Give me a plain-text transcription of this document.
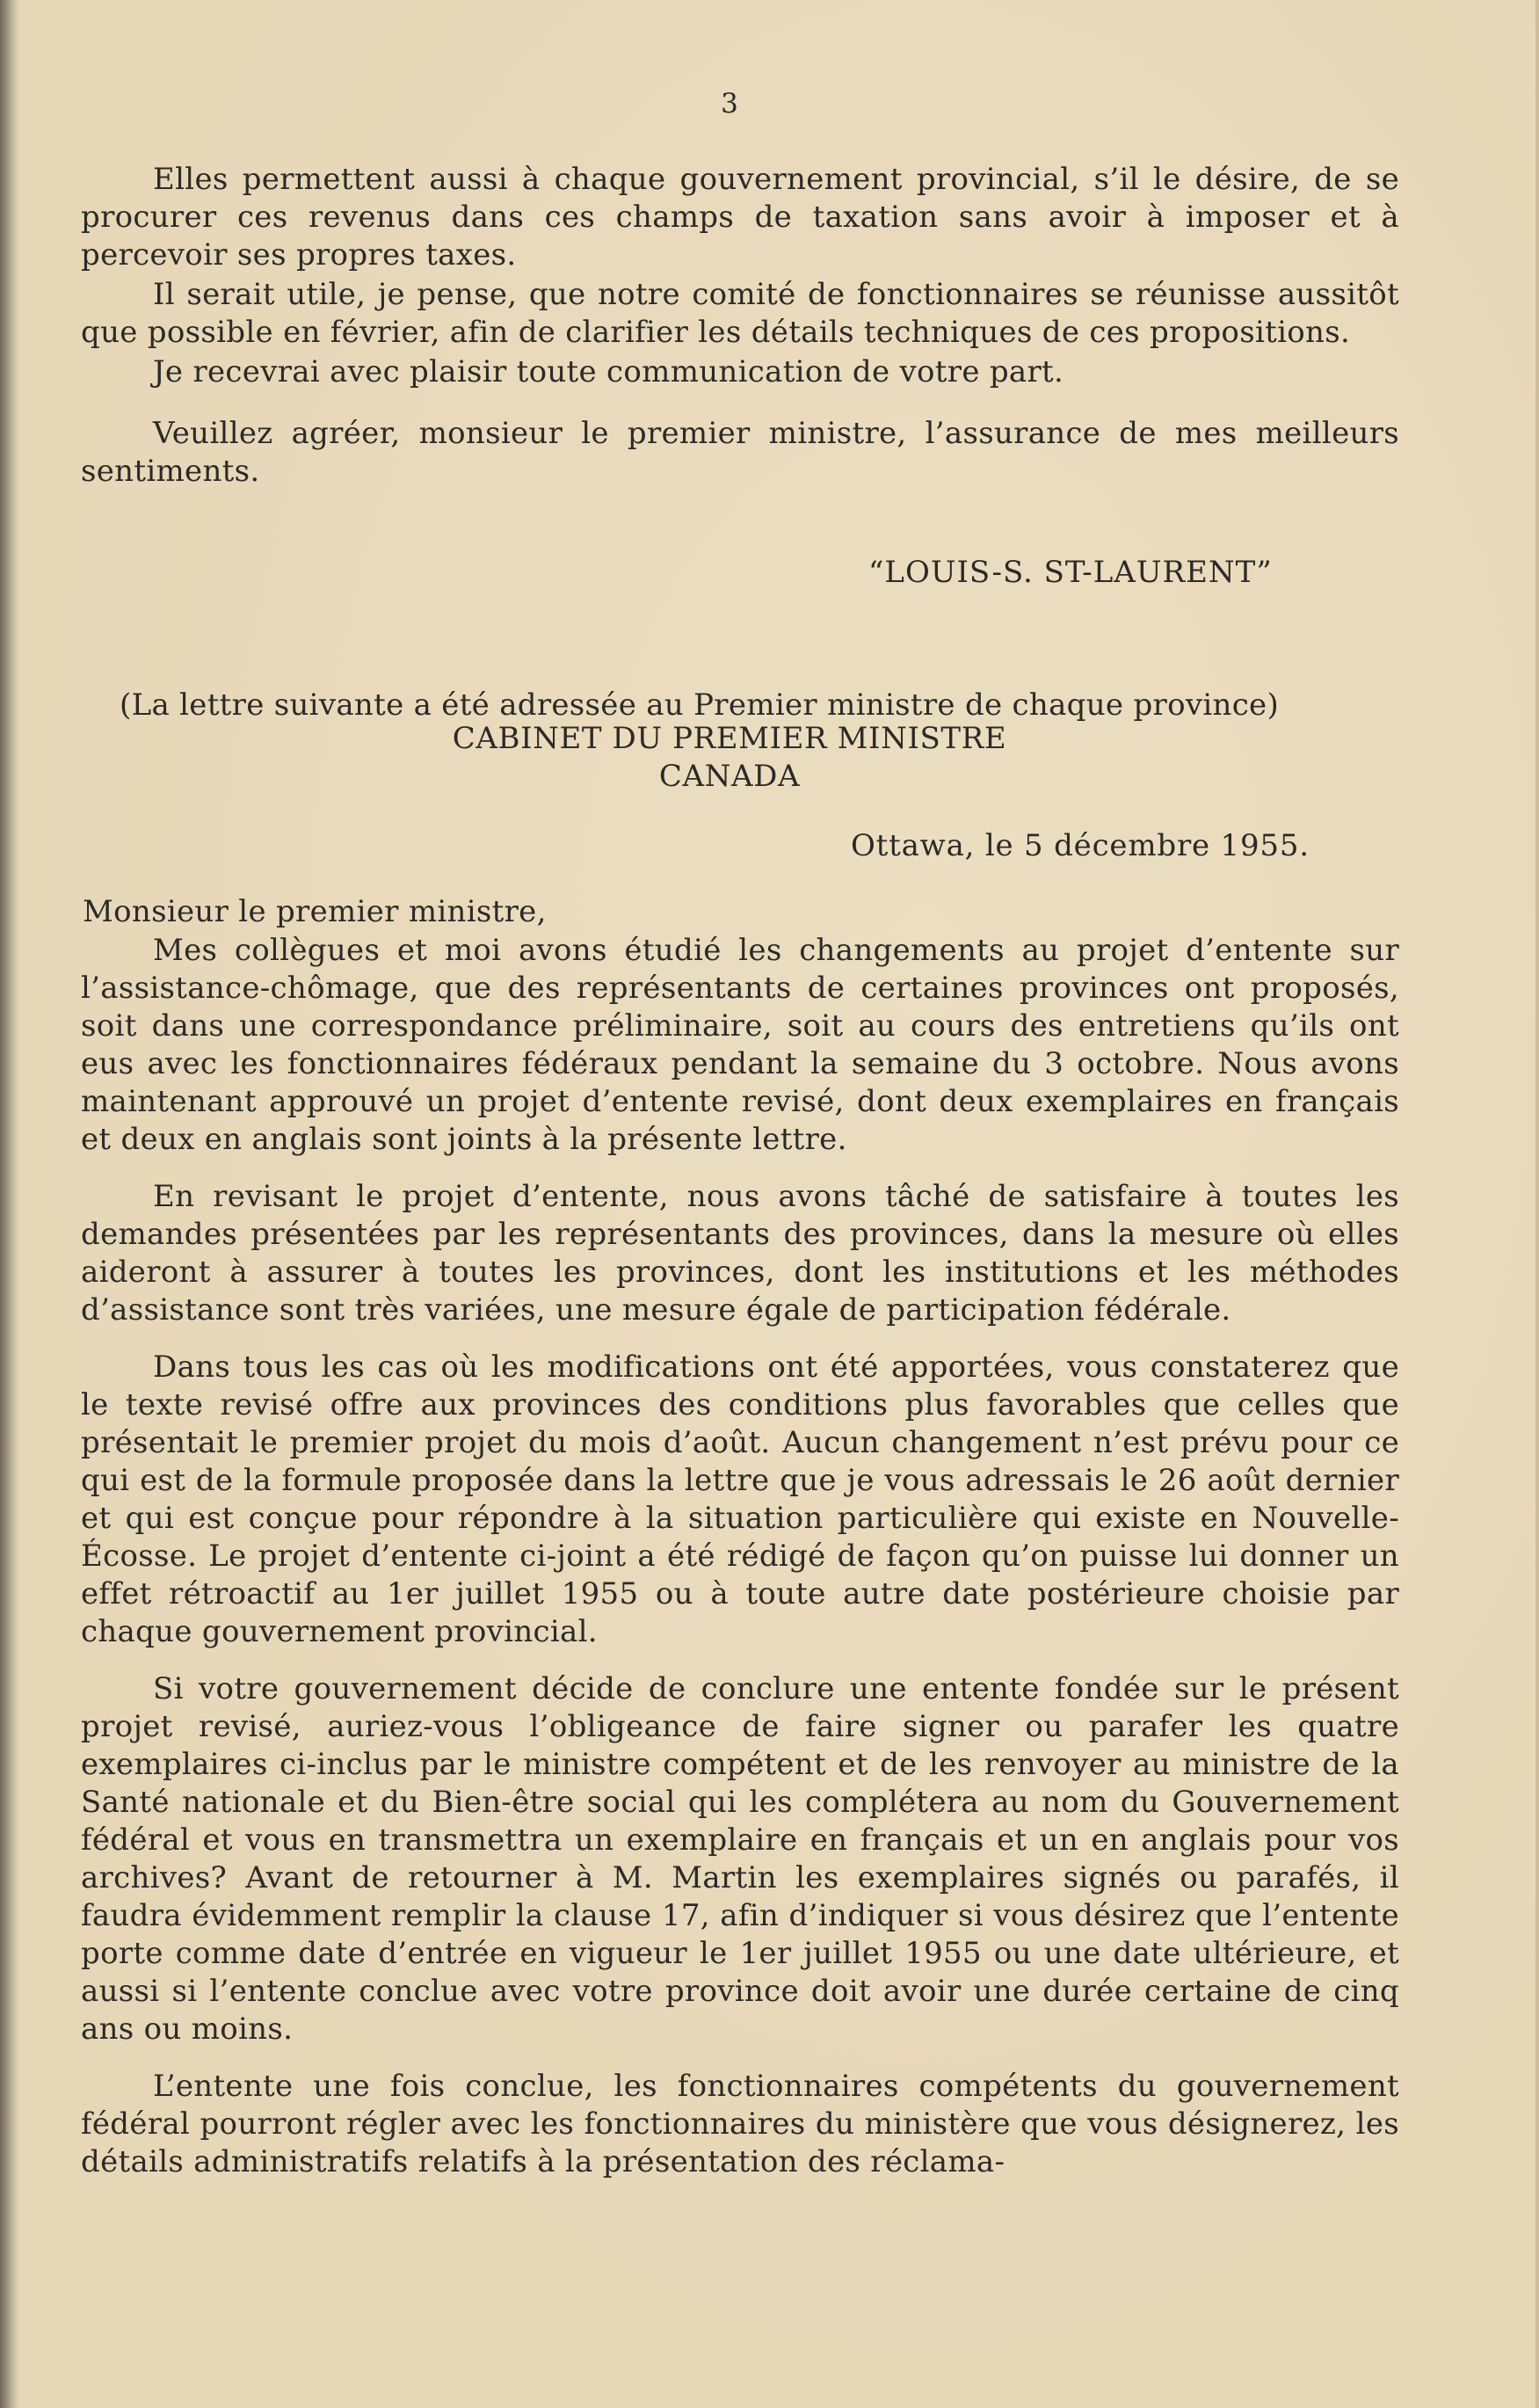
3

Elles permettent aussi à chaque gouvernement provincial, s’il le désire, de se procurer ces revenus dans ces champs de taxation sans avoir à imposer et à percevoir ses propres taxes.

Il serait utile, je pense, que notre comité de fonctionnaires se réunisse aussitôt que possible en février, afin de clarifier les détails techniques de ces propositions.

Je recevrai avec plaisir toute communication de votre part.

Veuillez agréer, monsieur le premier ministre, l’assurance de mes meilleurs sentiments.

“LOUIS-S. ST-LAURENT”
(La lettre suivante a été adressée au Premier ministre de chaque province)
CABINET DU PREMIER MINISTRE
CANADA
Ottawa, le 5 décembre 1955.
Monsieur le premier ministre,

Mes collègues et moi avons étudié les changements au projet d’entente sur l’assistance-chômage, que des représentants de certaines provinces ont proposés, soit dans une correspondance préliminaire, soit au cours des entretiens qu’ils ont eus avec les fonctionnaires fédéraux pendant la semaine du 3 octobre. Nous avons maintenant approuvé un projet d’entente revisé, dont deux exemplaires en français et deux en anglais sont joints à la présente lettre.

En revisant le projet d’entente, nous avons tâché de satisfaire à toutes les demandes présentées par les représentants des provinces, dans la mesure où elles aideront à assurer à toutes les provinces, dont les institutions et les méthodes d’assistance sont très variées, une mesure égale de participation fédérale.

Dans tous les cas où les modifications ont été apportées, vous constaterez que le texte revisé offre aux provinces des conditions plus favorables que celles que présentait le premier projet du mois d’août. Aucun changement n’est prévu pour ce qui est de la formule proposée dans la lettre que je vous adressais le 26 août dernier et qui est conçue pour répondre à la situation particulière qui existe en Nouvelle-Écosse. Le projet d’entente ci-joint a été rédigé de façon qu’on puisse lui donner un effet rétroactif au 1er juillet 1955 ou à toute autre date postérieure choisie par chaque gouvernement provincial.

Si votre gouvernement décide de conclure une entente fondée sur le présent projet revisé, auriez-vous l’obligeance de faire signer ou parafer les quatre exemplaires ci-inclus par le ministre compétent et de les renvoyer au ministre de la Santé nationale et du Bien-être social qui les complétera au nom du Gouvernement fédéral et vous en transmettra un exemplaire en français et un en anglais pour vos archives? Avant de retourner à M. Martin les exemplaires signés ou parafés, il faudra évidemment remplir la clause 17, afin d’indiquer si vous désirez que l’entente porte comme date d’entrée en vigueur le 1er juillet 1955 ou une date ultérieure, et aussi si l’entente conclue avec votre province doit avoir une durée certaine de cinq ans ou moins.

L’entente une fois conclue, les fonctionnaires compétents du gouvernement fédéral pourront régler avec les fonctionnaires du ministère que vous désignerez, les détails administratifs relatifs à la présentation des réclama-
